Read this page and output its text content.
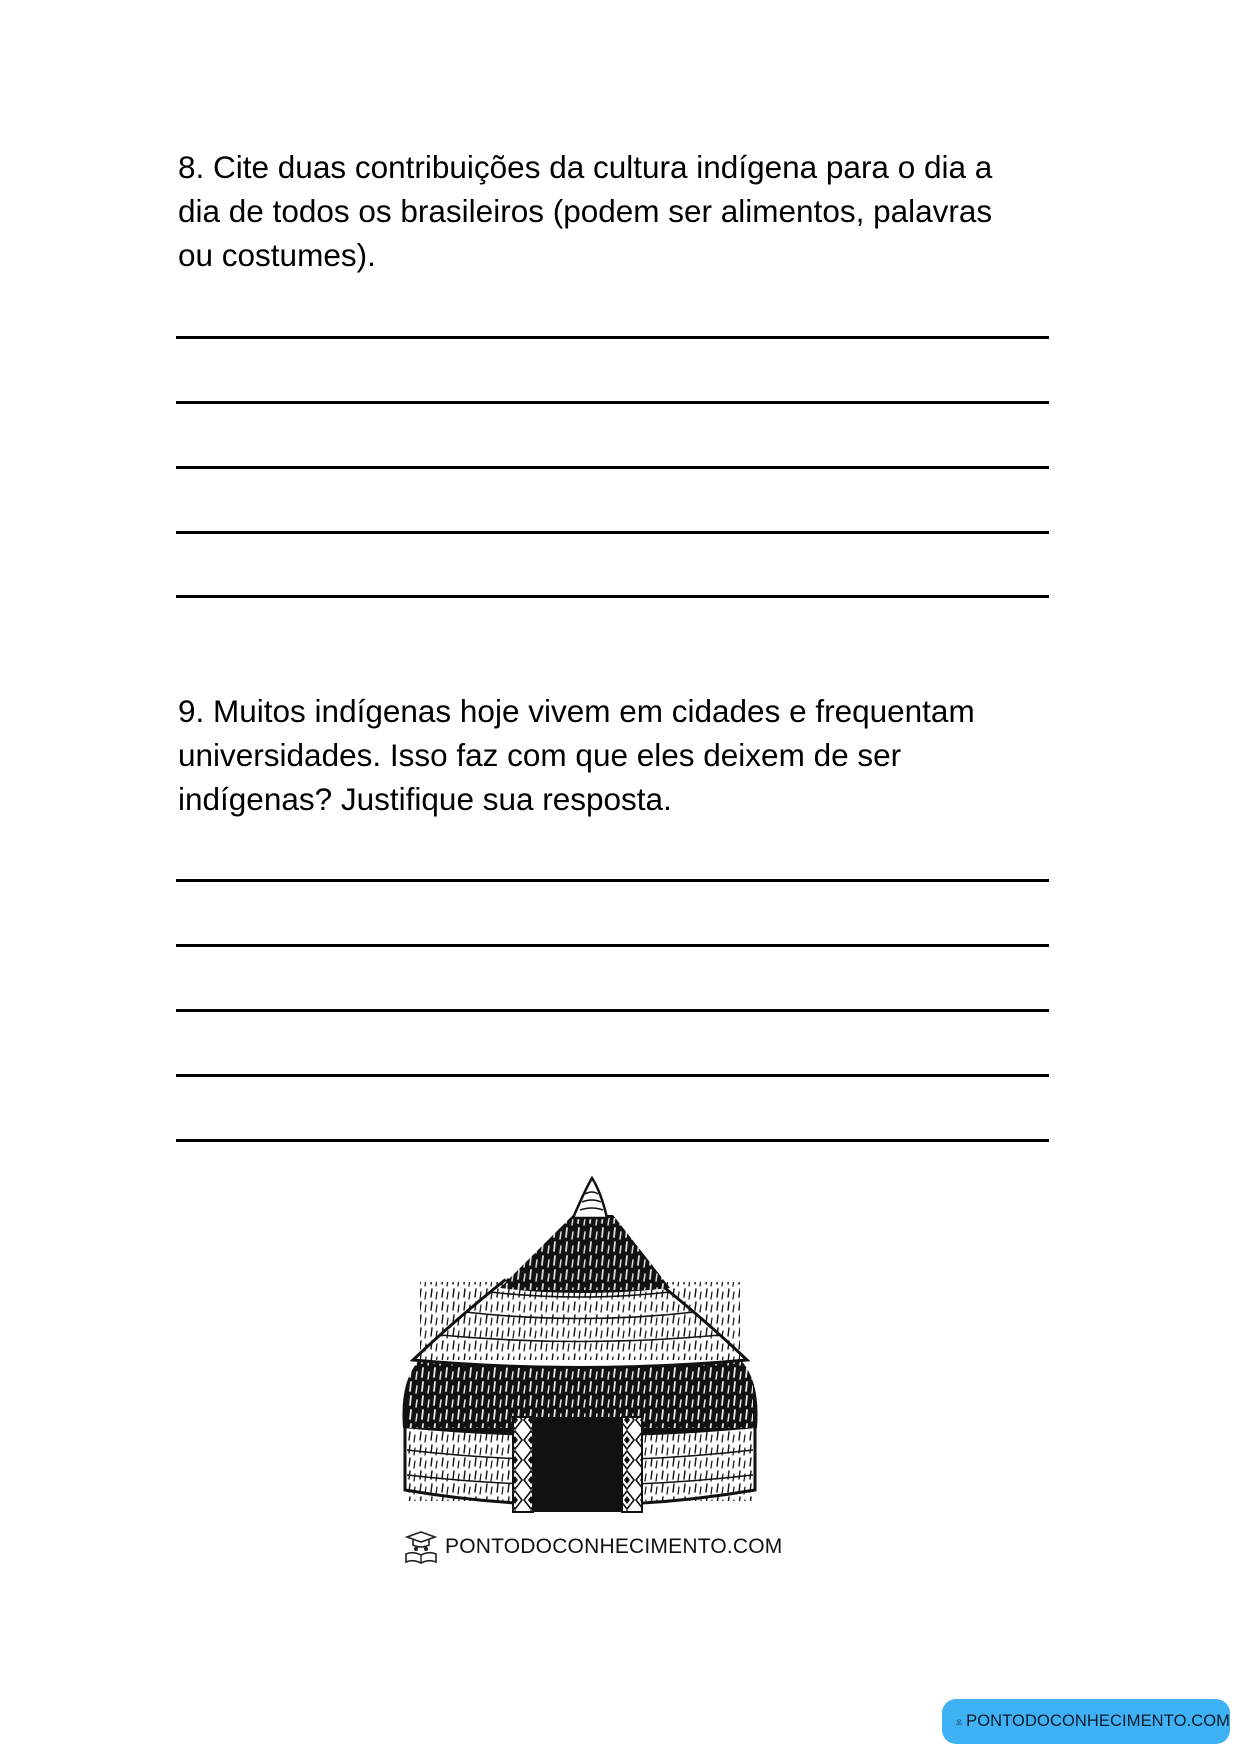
8. Cite duas contribuições da cultura indígena para o dia a
dia de todos os brasileiros (podem ser alimentos, palavras
ou costumes).
9. Muitos indígenas hoje vivem em cidades e frequentam
universidades. Isso faz com que eles deixem de ser
indígenas? Justifique sua resposta.
PONTODOCONHECIMENTO.COM
PONTODOCONHECIMENTO.COM
